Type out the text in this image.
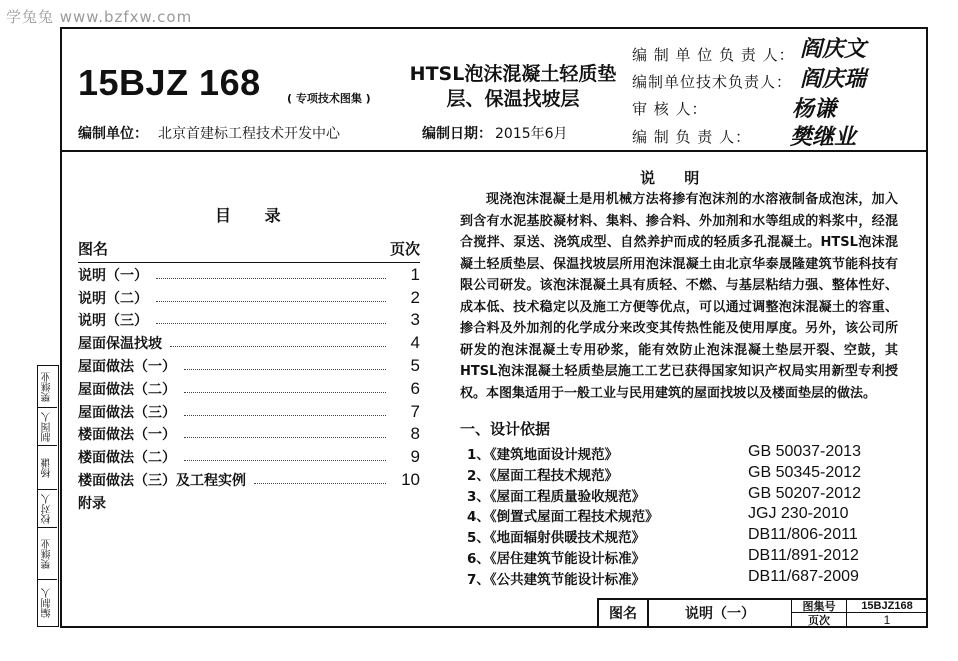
学兔兔 www.bzfxw.com
15BJZ 168 ( 专项技术图集 )
HTSL泡沫混凝土轻质垫层、保温找坡层
编制单位： 北京首建标工程技术开发中心	编制日期： 2015年6月
编 制 单 位 负 责 人： 阎庆文
编制单位技术负责人： 阎庆瑞
审 核 人：	杨谦
编 制 负 责 人： 樊继业
樊继业
制图人
杨谦
校对人
樊继业
编制人
目 录
图名	页次
说明（一）	1
说明（二）	2
说明（三）	3
屋面保温找坡	4
屋面做法（一）	5
屋面做法（二）	6
屋面做法（三）	7
楼面做法（一）	8
楼面做法（二）	9
楼面做法（三）及工程实例	10
附录
说 明
现浇泡沫混凝土是用机械方法将掺有泡沫剂的水溶液制备成泡沫，加入到含有水泥基胶凝材料、集料、掺合料、外加剂和水等组成的料浆中，经混合搅拌、泵送、浇筑成型、自然养护而成的轻质多孔混凝土。HTSL泡沫混凝土轻质垫层、保温找坡层所用泡沫混凝土由北京华泰晟隆建筑节能科技有限公司研发。该泡沫混凝土具有质轻、不燃、与基层粘结力强、整体性好、成本低、技术稳定以及施工方便等优点，可以通过调整泡沫混凝土的容重、掺合料及外加剂的化学成分来改变其传热性能及使用厚度。另外，该公司所研发的泡沫混凝土专用砂浆，能有效防止泡沫混凝土垫层开裂、空鼓，其HTSL泡沫混凝土轻质垫层施工工艺已获得国家知识产权局实用新型专利授权。本图集适用于一般工业与民用建筑的屋面找坡以及楼面垫层的做法。
一、设计依据
1、《建筑地面设计规范》	GB 50037-2013
2、《屋面工程技术规范》	GB 50345-2012
3、《屋面工程质量验收规范》	GB 50207-2012
4、《倒置式屋面工程技术规范》	JGJ 230-2010
5、《地面辐射供暖技术规范》	DB11/806-2011
6、《居住建筑节能设计标准》	DB11/891-2012
7、《公共建筑节能设计标准》	DB11/687-2009
图名	说明（一）	图集号	15BJZ168
页次	1
